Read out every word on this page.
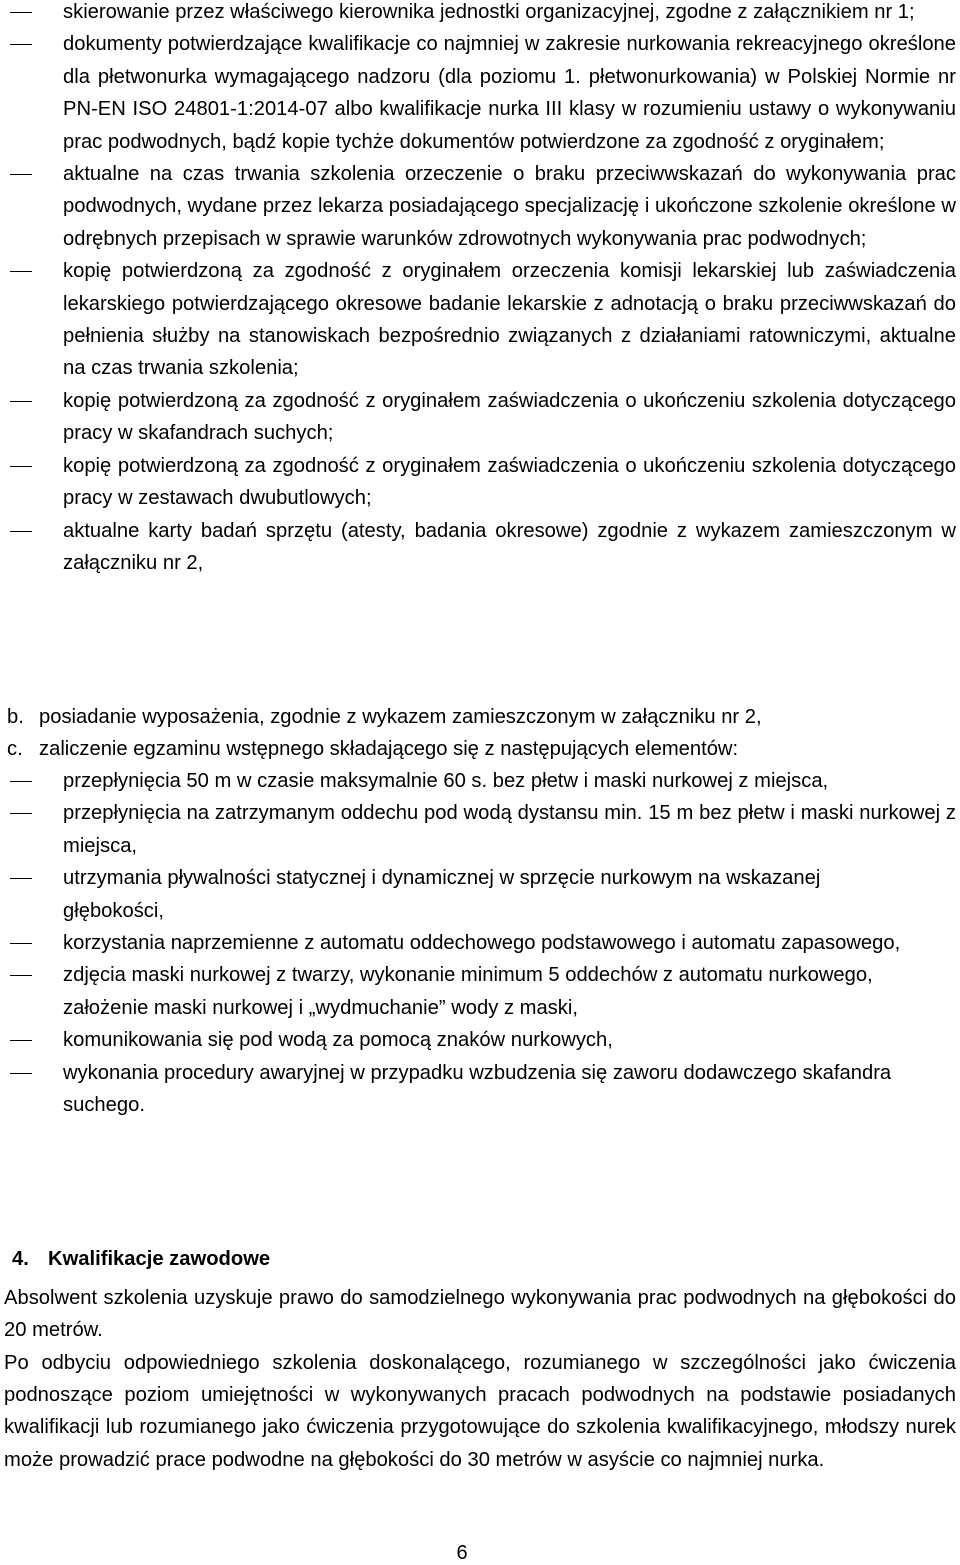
skierowanie przez właściwego kierownika jednostki organizacyjnej, zgodne z załącznikiem nr 1;
dokumenty potwierdzające kwalifikacje co najmniej w zakresie nurkowania rekreacyjnego określone dla płetwonurka wymagającego nadzoru (dla poziomu 1. płetwonurkowania) w Polskiej Normie nr PN-EN ISO 24801-1:2014-07 albo kwalifikacje nurka III klasy w rozumieniu ustawy o wykonywaniu prac podwodnych, bądź kopie tychże dokumentów potwierdzone za zgodność z oryginałem;
aktualne na czas trwania szkolenia orzeczenie o braku przeciwwskazań do wykonywania prac podwodnych, wydane przez lekarza posiadającego specjalizację i ukończone szkolenie określone w odrębnych przepisach w sprawie warunków zdrowotnych wykonywania prac podwodnych;
kopię potwierdzoną za zgodność z oryginałem orzeczenia komisji lekarskiej lub zaświadczenia lekarskiego potwierdzającego okresowe badanie lekarskie z adnotacją o braku przeciwwskazań do pełnienia służby na stanowiskach bezpośrednio związanych z działaniami ratowniczymi, aktualne na czas trwania szkolenia;
kopię potwierdzoną za zgodność z oryginałem zaświadczenia o ukończeniu szkolenia dotyczącego pracy w skafandrach suchych;
kopię potwierdzoną za zgodność z oryginałem zaświadczenia o ukończeniu szkolenia dotyczącego pracy w zestawach dwubutlowych;
aktualne karty badań sprzętu (atesty, badania okresowe) zgodnie z wykazem zamieszczonym w załączniku nr 2,
b. posiadanie wyposażenia, zgodnie z wykazem zamieszczonym w załączniku nr 2,
c. zaliczenie egzaminu wstępnego składającego się z następujących elementów:
przepłynięcia 50 m w czasie maksymalnie 60 s. bez płetw i maski nurkowej z miejsca,
przepłynięcia na zatrzymanym oddechu pod wodą dystansu min. 15 m bez płetw i maski nurkowej z miejsca,
utrzymania pływalności statycznej i dynamicznej w sprzęcie nurkowym na wskazanej głębokości,
korzystania naprzemienne z automatu oddechowego podstawowego i automatu zapasowego,
zdjęcia maski nurkowej z twarzy, wykonanie minimum 5 oddechów z automatu nurkowego, założenie maski nurkowej i „wydmuchanie” wody z maski,
komunikowania się pod wodą za pomocą znaków nurkowych,
wykonania procedury awaryjnej w przypadku wzbudzenia się zaworu dodawczego skafandra suchego.
4. Kwalifikacje zawodowe

Absolwent szkolenia uzyskuje prawo do samodzielnego wykonywania prac podwodnych na głębokości do 20 metrów.

Po odbyciu odpowiedniego szkolenia doskonalącego, rozumianego w szczególności jako ćwiczenia podnoszące poziom umiejętności w wykonywanych pracach podwodnych na podstawie posiadanych kwalifikacji lub rozumianego jako ćwiczenia przygotowujące do szkolenia kwalifikacyjnego, młodszy nurek może prowadzić prace podwodne na głębokości do 30 metrów w asyście co najmniej nurka.

6
